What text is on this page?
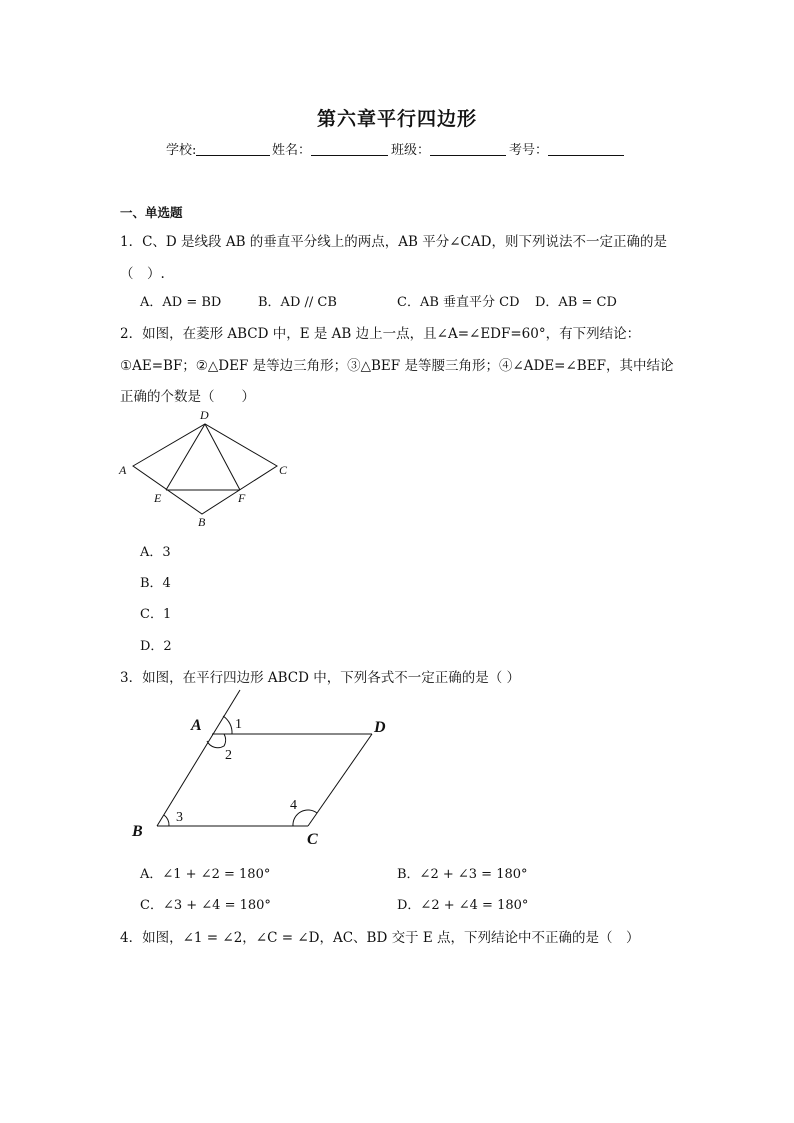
第六章平行四边形
学校:	姓名：	班级：	考号：
一、单选题
1．C、D 是线段 AB 的垂直平分线上的两点，AB 平分∠CAD，则下列说法不一定正确的是
（　）.
A．AD = BD	B．AD // CB	C．AB 垂直平分 CD D．AB = CD
2．如图，在菱形 ABCD 中，E 是 AB 边上一点，且∠A=∠EDF=60°，有下列结论：
①AE=BF；②△DEF 是等边三角形；③△BEF 是等腰三角形；④∠ADE=∠BEF，其中结论
正确的个数是（　　）
D
A	C
E	F
B
A．3
B．4
C．1
D．2
3．如图，在平行四边形 ABCD 中，下列各式不一定正确的是（ ）
A	D
B	C
1
2
3
4
A．∠1 + ∠2 = 180°	B．∠2 + ∠3 = 180°
C．∠3 + ∠4 = 180°	D．∠2 + ∠4 = 180°
4．如图，∠1 = ∠2，∠C = ∠D，AC、BD 交于 E 点，下列结论中不正确的是（　）
